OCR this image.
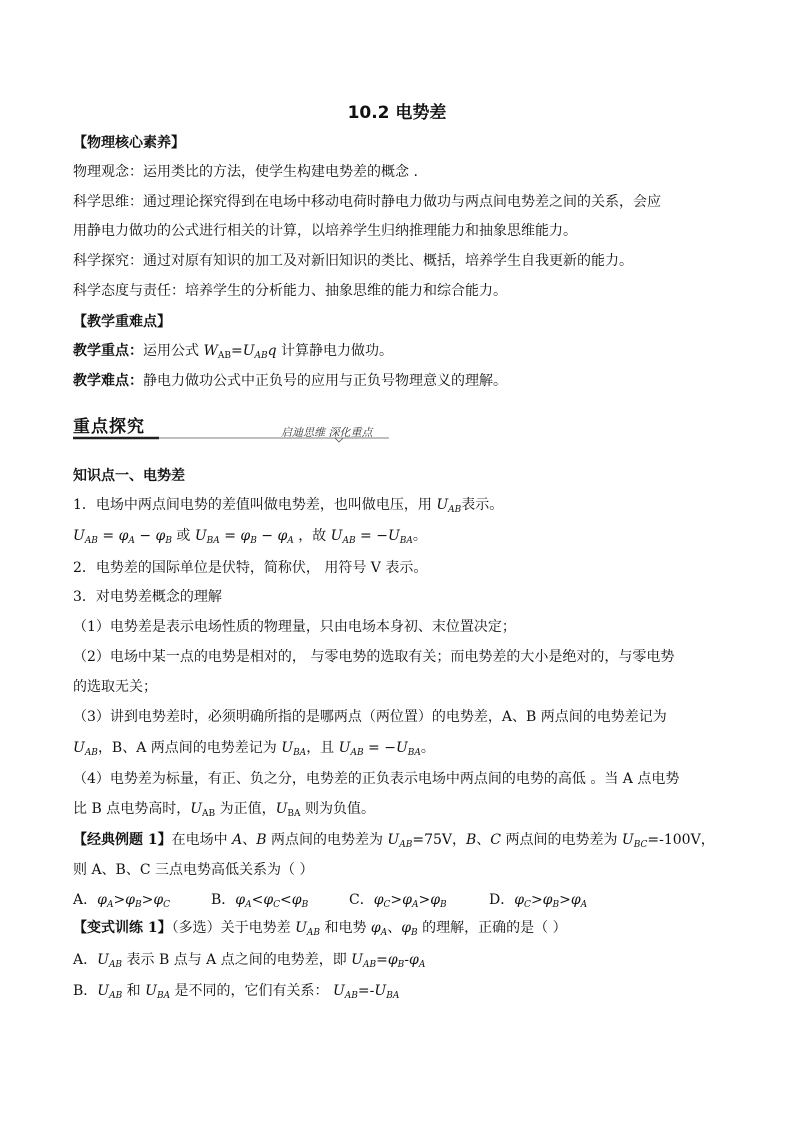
10.2 电势差
【物理核心素养】
物理观念：运用类比的方法，使学生构建电势差的概念 .
科学思维：通过理论探究得到在电场中移动电荷时静电力做功与两点间电势差之间的关系，会应
用静电力做功的公式进行相关的计算，以培养学生归纳推理能力和抽象思维能力。
科学探究：通过对原有知识的加工及对新旧知识的类比、概括，培养学生自我更新的能力。
科学态度与责任：培养学生的分析能力、抽象思维的能力和综合能力。
【教学重难点】
教学重点：运用公式 $W_{AB}=U_{AB}q$ 计算静电力做功。
教学难点：静电力做功公式中正负号的应用与正负号物理意义的理解。
重点探究	启迪思维 深化重点
知识点一、电势差
1．电场中两点间电势的差值叫做电势差，也叫做电压，用 $U_{AB}$表示。
$U_{AB} = \varphi_A - \varphi_B$ 或 $U_{BA} = \varphi_B - \varphi_A$ ，故 $U_{AB} = -U_{BA}$。
2．电势差的国际单位是伏特，简称伏， 用符号 V 表示。
3．对电势差概念的理解
（1）电势差是表示电场性质的物理量，只由电场本身初、末位置决定；
（2）电场中某一点的电势是相对的， 与零电势的选取有关；而电势差的大小是绝对的，与零电势
的选取无关；
（3）讲到电势差时，必须明确所指的是哪两点（两位置）的电势差，A、B 两点间的电势差记为
$U_{AB}$，B、A 两点间的电势差记为 $U_{BA}$，且 $U_{AB} = -U_{BA}$。
（4）电势差为标量，有正、负之分，电势差的正负表示电场中两点间的电势的高低 。当 A 点电势
比 B 点电势高时，$U_{AB}$ 为正值，$U_{BA}$ 则为负值。
【经典例题 1】在电场中 A、B 两点间的电势差为 $U_{AB}=75V$，B、C 两点间的电势差为 $U_{BC}=-100V$，
则 A、B、C 三点电势高低关系为（ ）
A．$\varphi_A>\varphi_B>\varphi_C$	B．$\varphi_A<\varphi_C<\varphi_B$	C．$\varphi_C>\varphi_A>\varphi_B$	D．$\varphi_C>\varphi_B>\varphi_A$
【变式训练 1】（多选）关于电势差 $U_{AB}$ 和电势 $\varphi_A$、$\varphi_B$ 的理解，正确的是（ ）
A．$U_{AB}$ 表示 B 点与 A 点之间的电势差，即 $U_{AB}=\varphi_B-\varphi_A$
B．$U_{AB}$ 和 $U_{BA}$ 是不同的，它们有关系： $U_{AB}=-U_{BA}$
